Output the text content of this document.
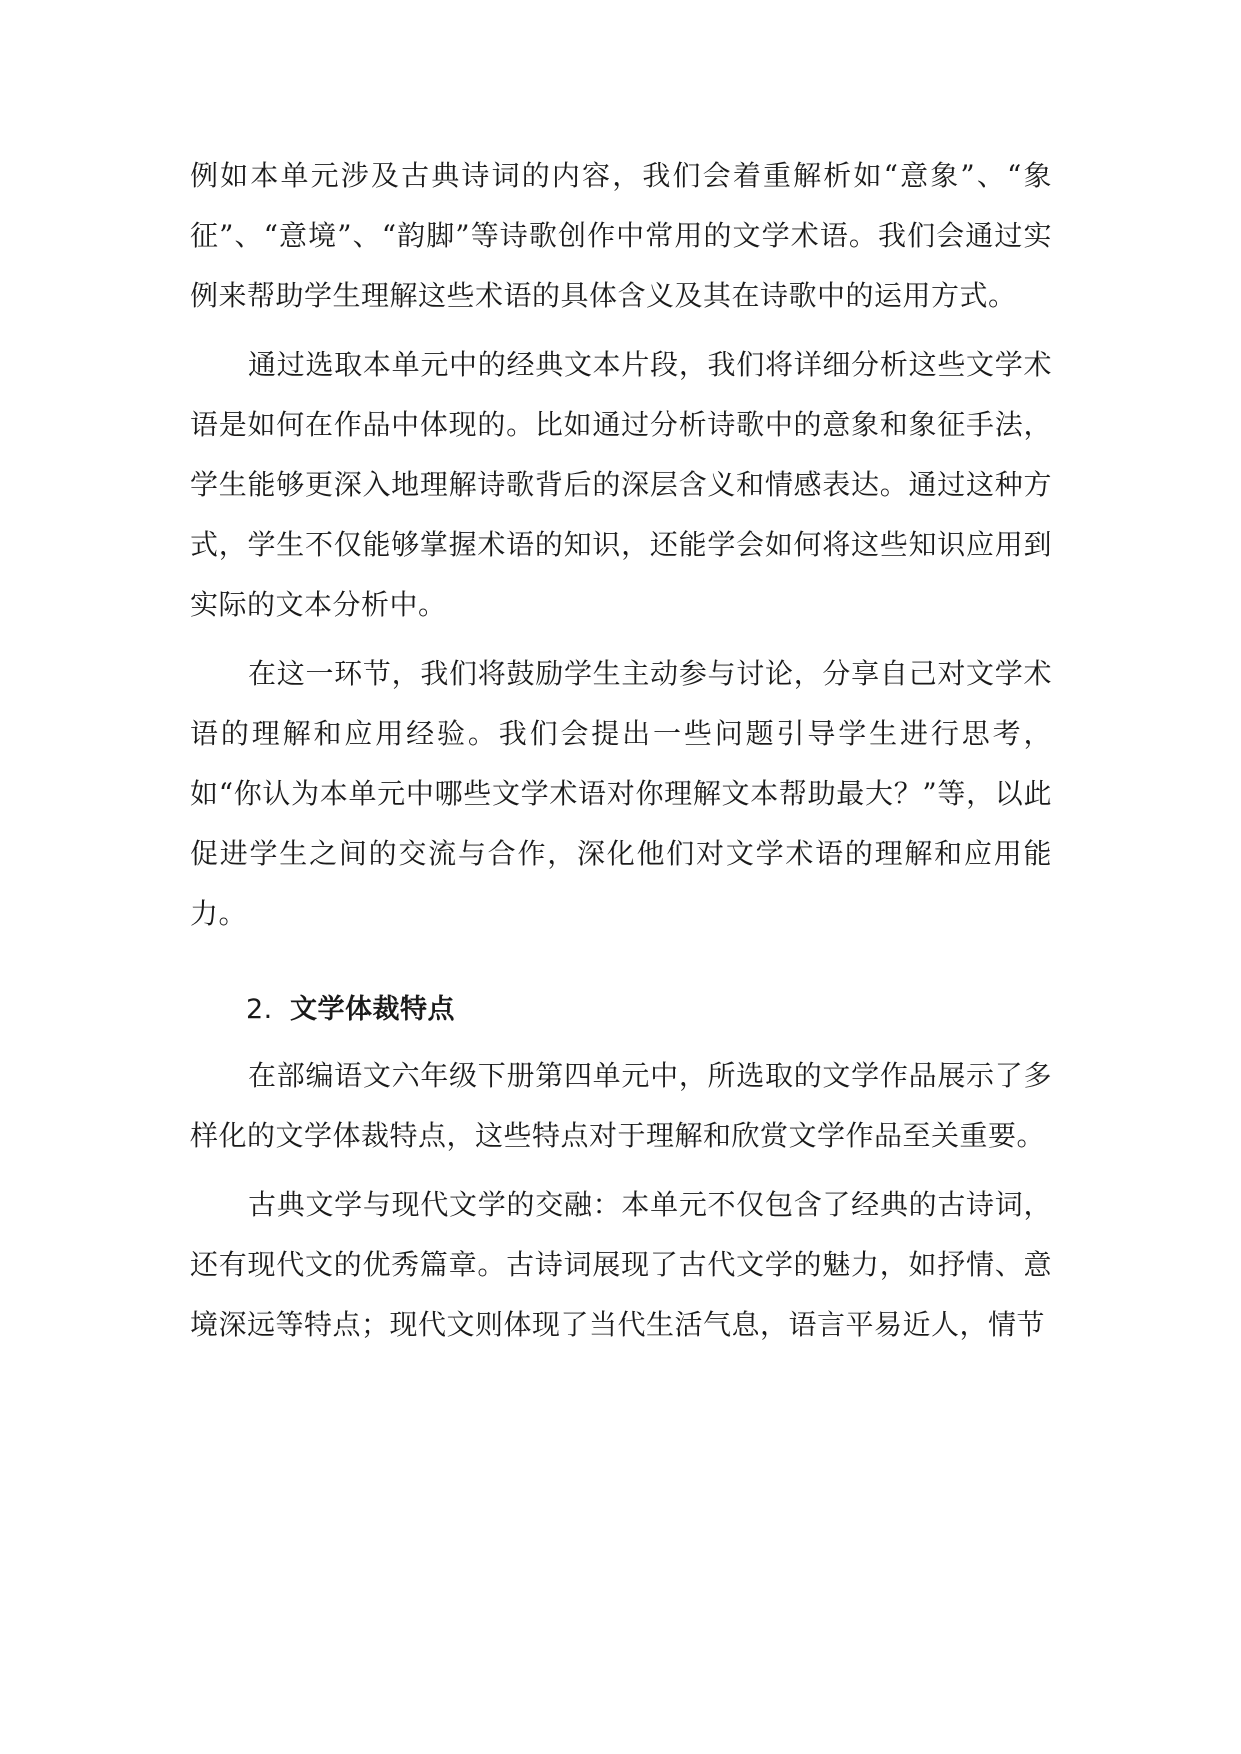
例如本单元涉及古典诗词的内容，我们会着重解析如“意象”、“象征”、“意境”、“韵脚”等诗歌创作中常用的文学术语。我们会通过实例来帮助学生理解这些术语的具体含义及其在诗歌中的运用方式。

通过选取本单元中的经典文本片段，我们将详细分析这些文学术语是如何在作品中体现的。比如通过分析诗歌中的意象和象征手法，学生能够更深入地理解诗歌背后的深层含义和情感表达。通过这种方式，学生不仅能够掌握术语的知识，还能学会如何将这些知识应用到实际的文本分析中。

在这一环节，我们将鼓励学生主动参与讨论，分享自己对文学术语的理解和应用经验。我们会提出一些问题引导学生进行思考，如“你认为本单元中哪些文学术语对你理解文本帮助最大？”等，以此促进学生之间的交流与合作，深化他们对文学术语的理解和应用能力。

2. 文学体裁特点

在部编语文六年级下册第四单元中，所选取的文学作品展示了多样化的文学体裁特点，这些特点对于理解和欣赏文学作品至关重要。

古典文学与现代文学的交融：本单元不仅包含了经典的古诗词，还有现代文的优秀篇章。古诗词展现了古代文学的魅力，如抒情、意境深远等特点；现代文则体现了当代生活气息，语言平易近人，情节
